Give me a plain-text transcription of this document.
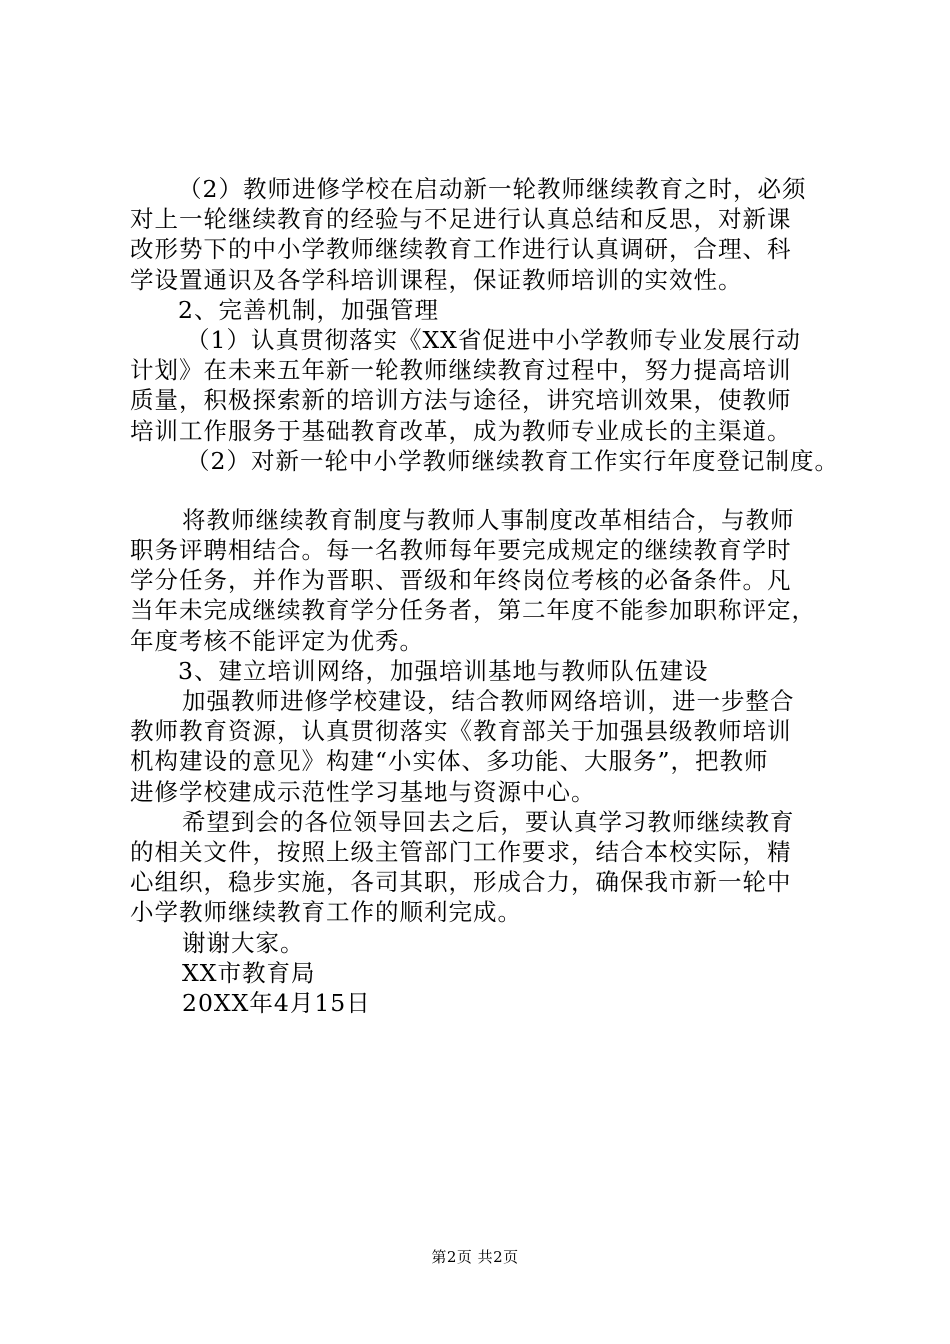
（2）教师进修学校在启动新一轮教师继续教育之时，必须
对上一轮继续教育的经验与不足进行认真总结和反思，对新课
改形势下的中小学教师继续教育工作进行认真调研，合理、科
学设置通识及各学科培训课程，保证教师培训的实效性。
2、完善机制，加强管理
（1）认真贯彻落实《XX省促进中小学教师专业发展行动
计划》在未来五年新一轮教师继续教育过程中，努力提高培训
质量，积极探索新的培训方法与途径，讲究培训效果，使教师
培训工作服务于基础教育改革，成为教师专业成长的主渠道。
（2）对新一轮中小学教师继续教育工作实行年度登记制度。
将教师继续教育制度与教师人事制度改革相结合，与教师
职务评聘相结合。每一名教师每年要完成规定的继续教育学时
学分任务，并作为晋职、晋级和年终岗位考核的必备条件。凡
当年未完成继续教育学分任务者，第二年度不能参加职称评定，
年度考核不能评定为优秀。
3、建立培训网络，加强培训基地与教师队伍建设
加强教师进修学校建设，结合教师网络培训，进一步整合
教师教育资源，认真贯彻落实《教育部关于加强县级教师培训
机构建设的意见》构建“小实体、多功能、大服务”，把教师
进修学校建成示范性学习基地与资源中心。
希望到会的各位领导回去之后，要认真学习教师继续教育
的相关文件，按照上级主管部门工作要求，结合本校实际，精
心组织，稳步实施，各司其职，形成合力，确保我市新一轮中
小学教师继续教育工作的顺利完成。
谢谢大家。
XX市教育局
20XX年4月15日
第2页 共2页
